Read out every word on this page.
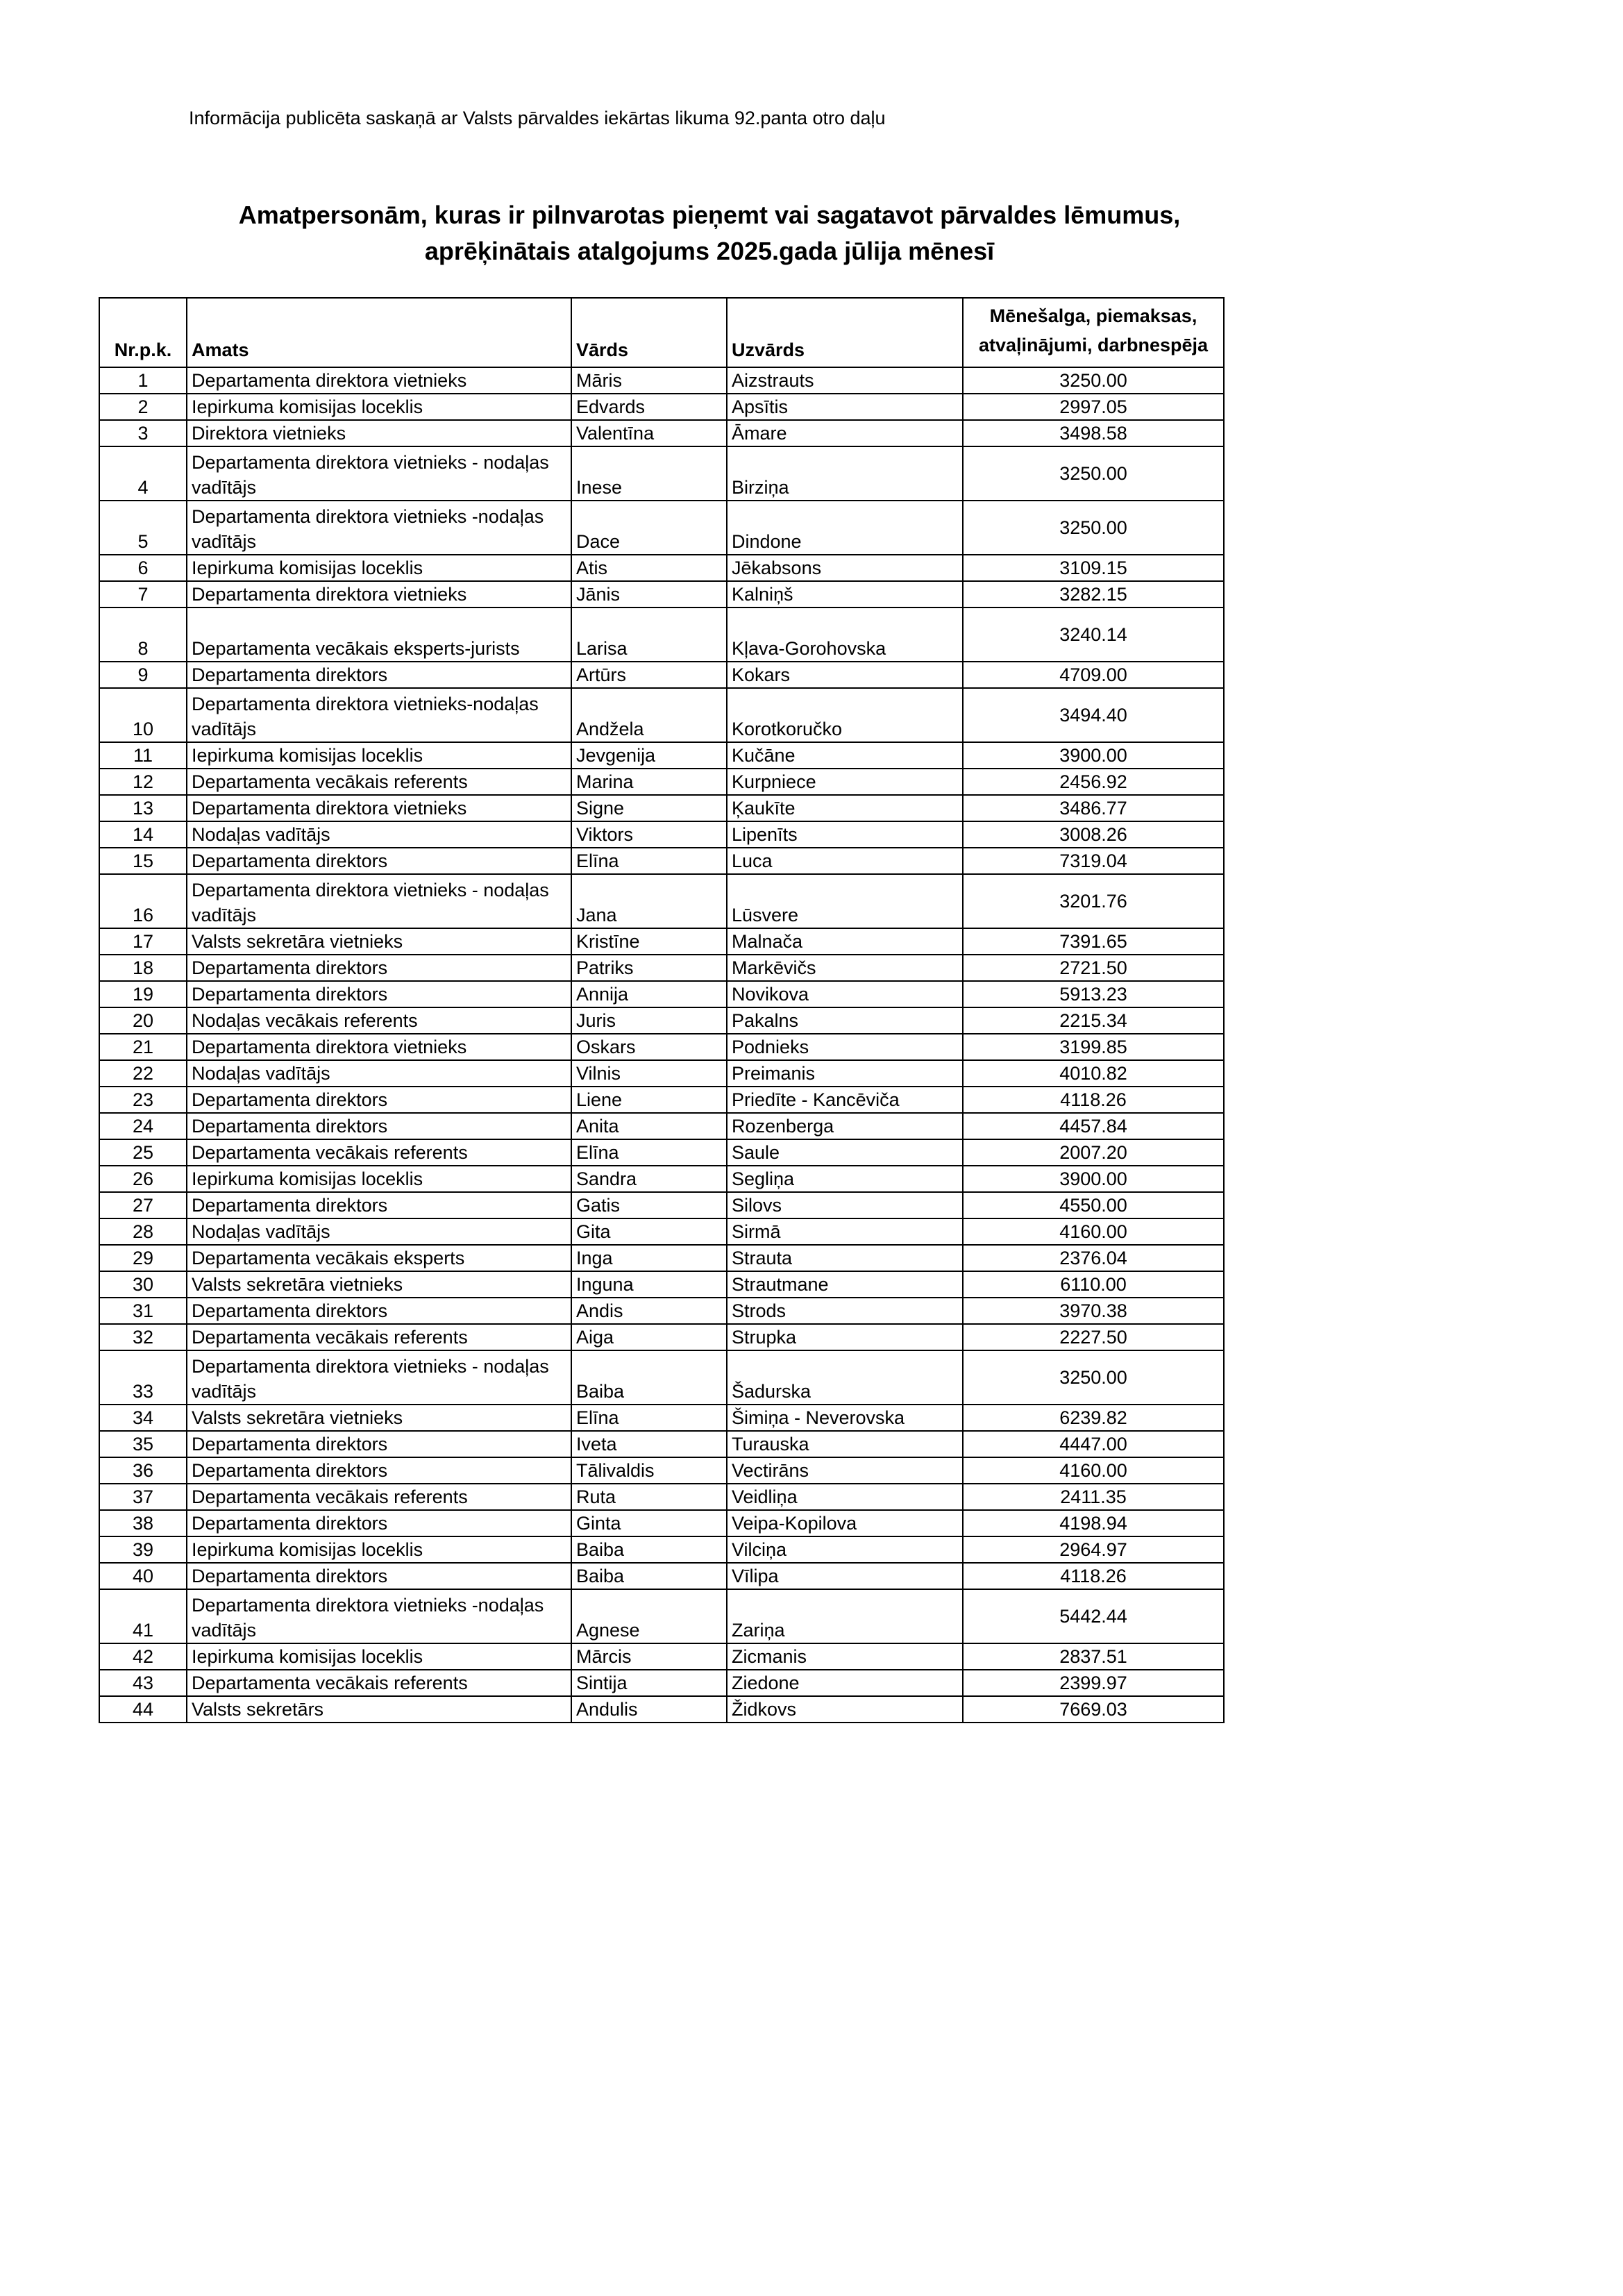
Informācija publicēta saskaņā ar Valsts pārvaldes iekārtas likuma 92.panta otro daļu
Amatpersonām, kuras ir pilnvarotas pieņemt vai sagatavot pārvaldes lēmumus,
aprēķinātais atalgojums 2025.gada jūlija mēnesī
Nr.p.k.	Amats	Vārds	Uzvārds	Mēnešalga, piemaksas, atvaļinājumi, darbnespēja
1	Departamenta direktora vietnieks	Māris	Aizstrauts	3250.00
2	Iepirkuma komisijas loceklis	Edvards	Apsītis	2997.05
3	Direktora vietnieks	Valentīna	Āmare	3498.58
4	Departamenta direktora vietnieks - nodaļas vadītājs	Inese	Birziņa	3250.00
5	Departamenta direktora vietnieks -nodaļas vadītājs	Dace	Dindone	3250.00
6	Iepirkuma komisijas loceklis	Atis	Jēkabsons	3109.15
7	Departamenta direktora vietnieks	Jānis	Kalniņš	3282.15
8	Departamenta vecākais eksperts-jurists	Larisa	Kļava-Gorohovska	3240.14
9	Departamenta direktors	Artūrs	Kokars	4709.00
10	Departamenta direktora vietnieks-nodaļas vadītājs	Andžela	Korotkoručko	3494.40
11	Iepirkuma komisijas loceklis	Jevgenija	Kučāne	3900.00
12	Departamenta vecākais referents	Marina	Kurpniece	2456.92
13	Departamenta direktora vietnieks	Signe	Ķaukīte	3486.77
14	Nodaļas vadītājs	Viktors	Lipenīts	3008.26
15	Departamenta direktors	Elīna	Luca	7319.04
16	Departamenta direktora vietnieks - nodaļas vadītājs	Jana	Lūsvere	3201.76
17	Valsts sekretāra vietnieks	Kristīne	Malnača	7391.65
18	Departamenta direktors	Patriks	Markēvičs	2721.50
19	Departamenta direktors	Annija	Novikova	5913.23
20	Nodaļas vecākais referents	Juris	Pakalns	2215.34
21	Departamenta direktora vietnieks	Oskars	Podnieks	3199.85
22	Nodaļas vadītājs	Vilnis	Preimanis	4010.82
23	Departamenta direktors	Liene	Priedīte - Kancēviča	4118.26
24	Departamenta direktors	Anita	Rozenberga	4457.84
25	Departamenta vecākais referents	Elīna	Saule	2007.20
26	Iepirkuma komisijas loceklis	Sandra	Segliņa	3900.00
27	Departamenta direktors	Gatis	Silovs	4550.00
28	Nodaļas vadītājs	Gita	Sirmā	4160.00
29	Departamenta vecākais eksperts	Inga	Strauta	2376.04
30	Valsts sekretāra vietnieks	Inguna	Strautmane	6110.00
31	Departamenta direktors	Andis	Strods	3970.38
32	Departamenta vecākais referents	Aiga	Strupka	2227.50
33	Departamenta direktora vietnieks - nodaļas vadītājs	Baiba	Šadurska	3250.00
34	Valsts sekretāra vietnieks	Elīna	Šimiņa - Neverovska	6239.82
35	Departamenta direktors	Iveta	Turauska	4447.00
36	Departamenta direktors	Tālivaldis	Vectirāns	4160.00
37	Departamenta vecākais referents	Ruta	Veidliņa	2411.35
38	Departamenta direktors	Ginta	Veipa-Kopilova	4198.94
39	Iepirkuma komisijas loceklis	Baiba	Vilciņa	2964.97
40	Departamenta direktors	Baiba	Vīlipa	4118.26
41	Departamenta direktora vietnieks -nodaļas vadītājs	Agnese	Zariņa	5442.44
42	Iepirkuma komisijas loceklis	Mārcis	Zicmanis	2837.51
43	Departamenta vecākais referents	Sintija	Ziedone	2399.97
44	Valsts sekretārs	Andulis	Židkovs	7669.03
